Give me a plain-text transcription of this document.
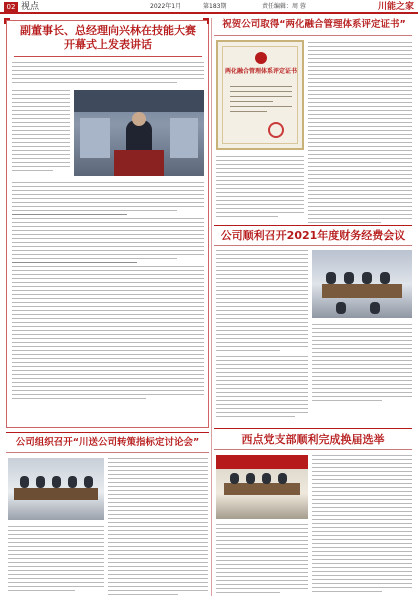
02 视点	2022年1月	第183期	责任编辑：周 蓉	川能之家
副董事长、总经理向兴林在技能大赛
开幕式上发表讲话
祝贺公司取得“两化融合管理体系评定证书”
两化融合管理体系评定证书
公司顺利召开2021年度财务经费会议
公司组织召开“川送公司转策指标定讨论会”	西点党支部顺利完成换届选举
